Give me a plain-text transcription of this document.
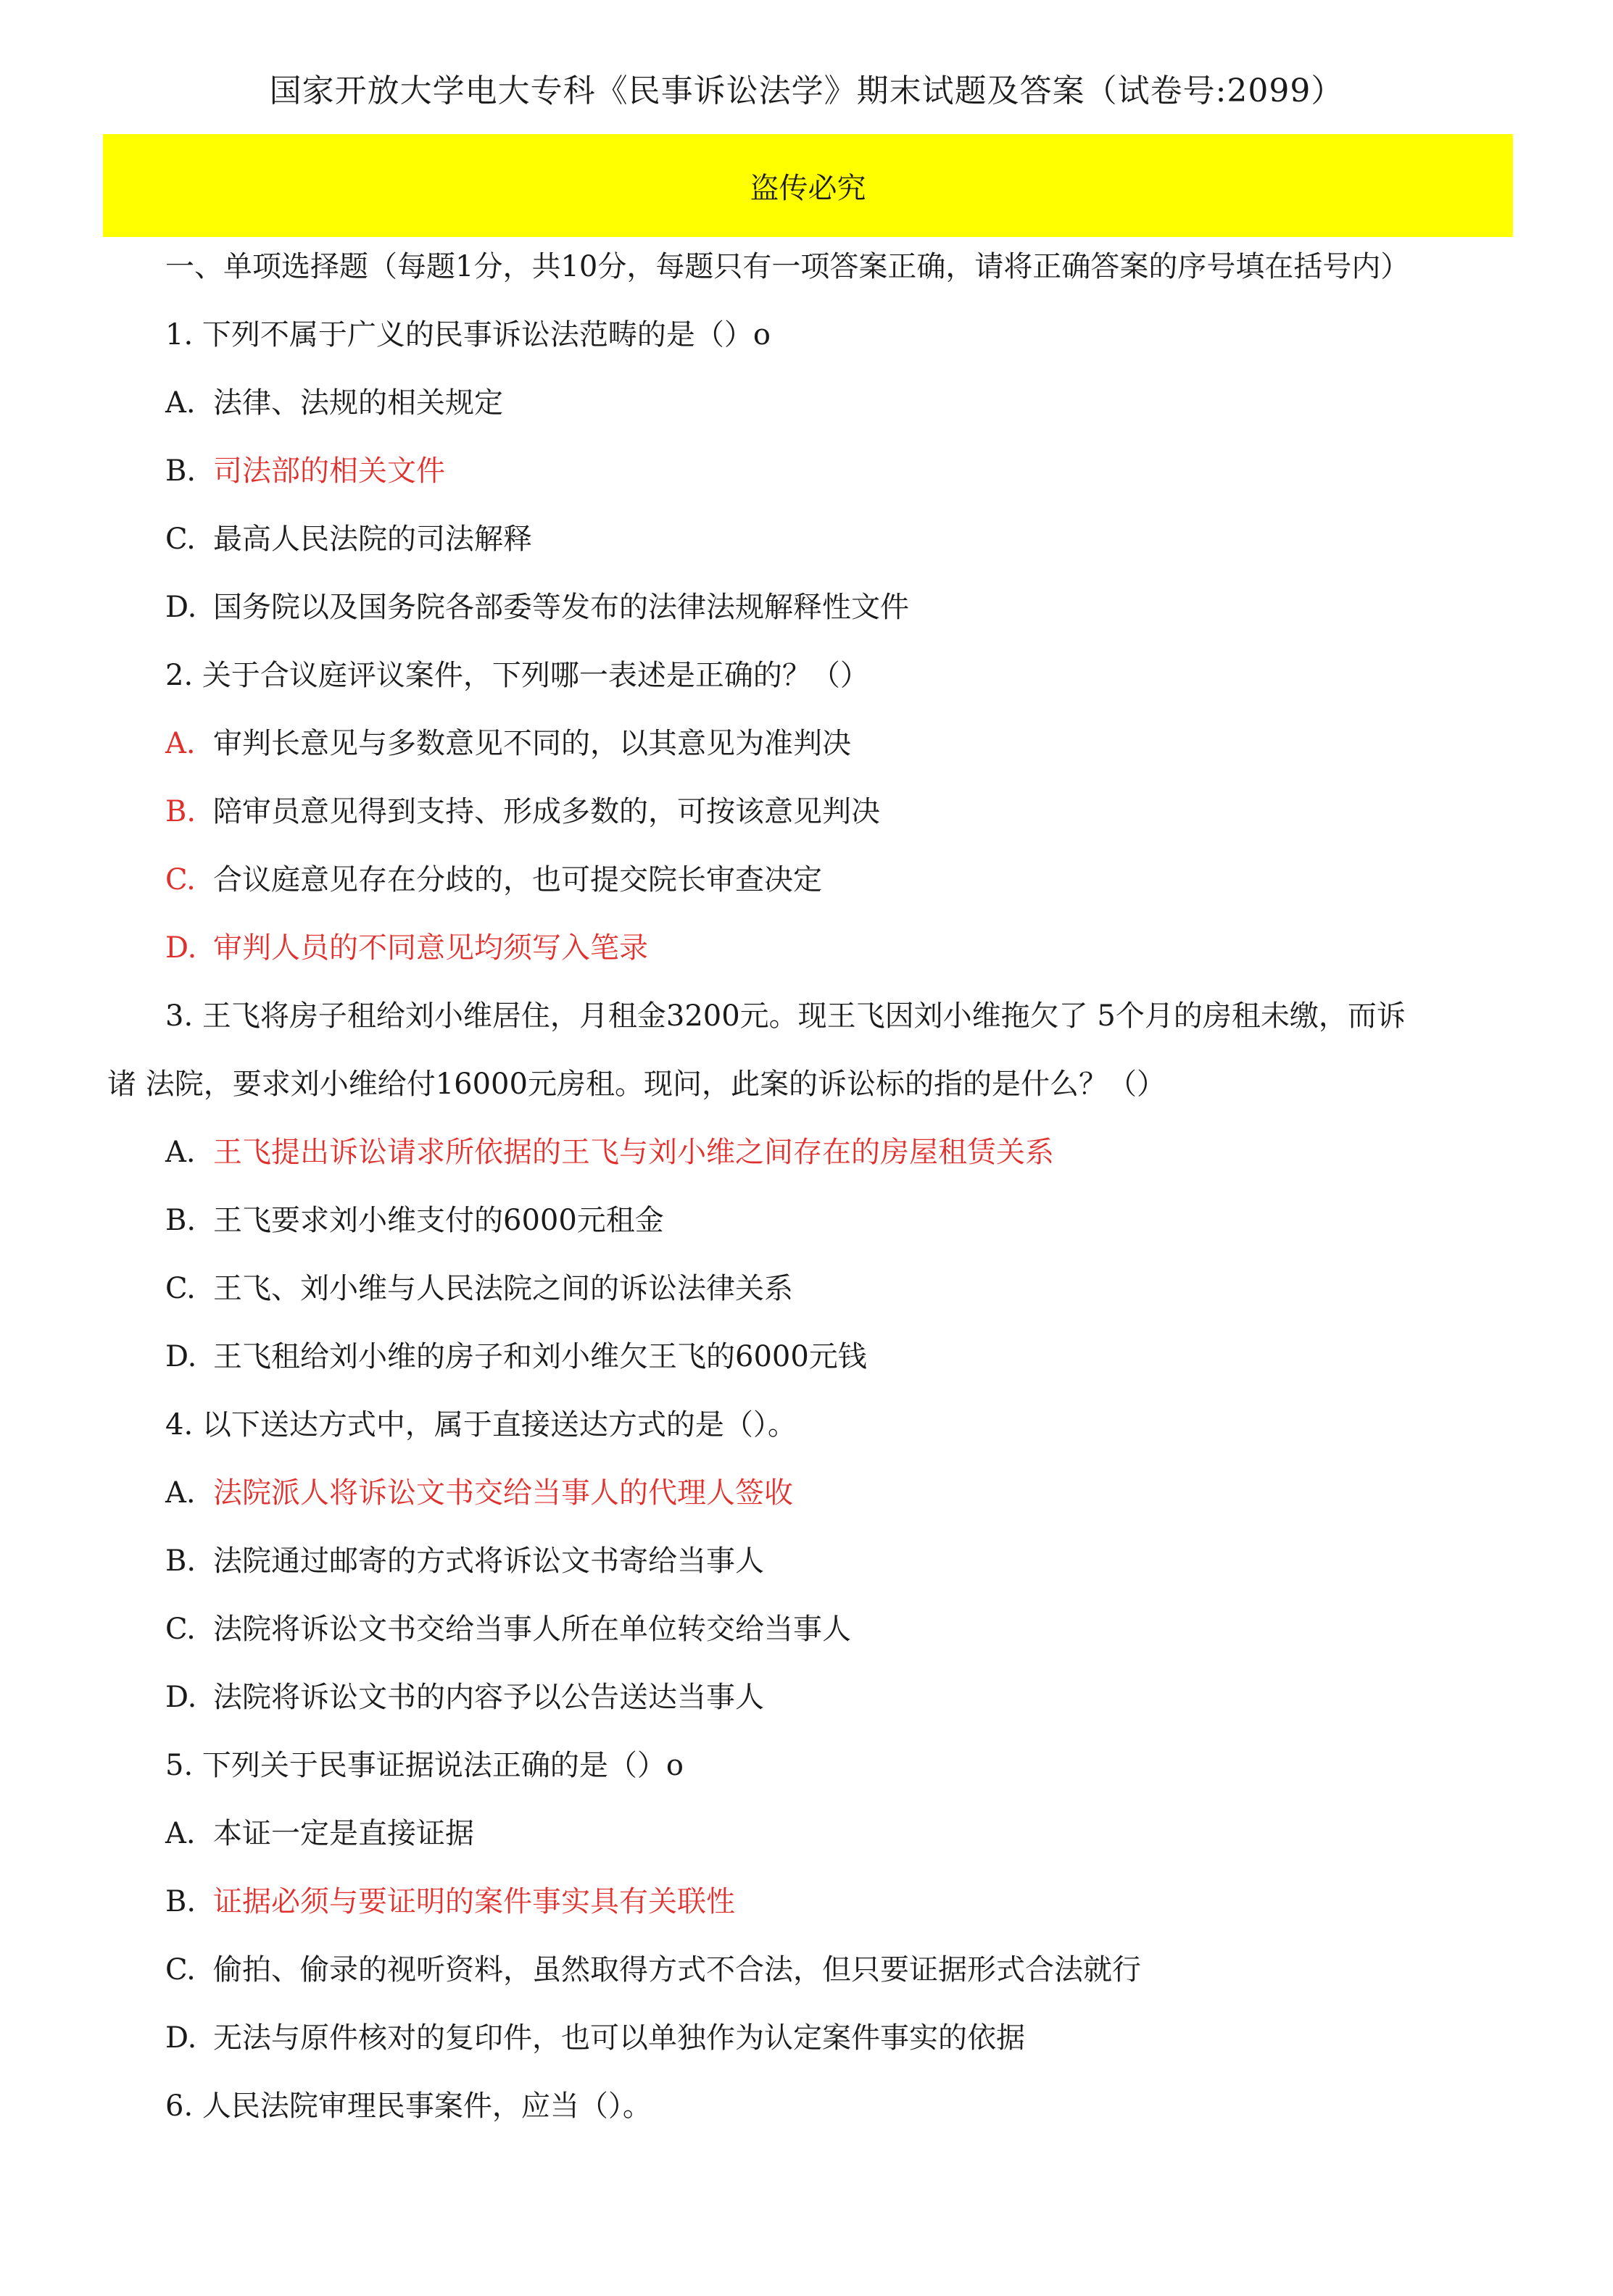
国家开放大学电大专科《民事诉讼法学》期末试题及答案（试卷号:2099）
盗传必究
一、单项选择题（每题1分，共10分，每题只有一项答案正确，请将正确答案的序号填在括号内）
1. 下列不属于广义的民事诉讼法范畴的是（）o
A. 法律、法规的相关规定
B. 司法部的相关文件
C. 最高人民法院的司法解释
D. 国务院以及国务院各部委等发布的法律法规解释性文件
2. 关于合议庭评议案件，下列哪一表述是正确的？（）
A. 审判长意见与多数意见不同的，以其意见为准判决
B. 陪审员意见得到支持、形成多数的，可按该意见判决
C. 合议庭意见存在分歧的，也可提交院长审查决定
D. 审判人员的不同意见均须写入笔录
3. 王飞将房子租给刘小维居住，月租金3200元。现王飞因刘小维拖欠了 5个月的房租未缴，而诉
诸 法院，要求刘小维给付16000元房租。现问，此案的诉讼标的指的是什么？（）
A. 王飞提出诉讼请求所依据的王飞与刘小维之间存在的房屋租赁关系
B. 王飞要求刘小维支付的6000元租金
C. 王飞、刘小维与人民法院之间的诉讼法律关系
D. 王飞租给刘小维的房子和刘小维欠王飞的6000元钱
4. 以下送达方式中，属于直接送达方式的是（）。
A. 法院派人将诉讼文书交给当事人的代理人签收
B. 法院通过邮寄的方式将诉讼文书寄给当事人
C. 法院将诉讼文书交给当事人所在单位转交给当事人
D. 法院将诉讼文书的内容予以公告送达当事人
5. 下列关于民事证据说法正确的是（）o
A. 本证一定是直接证据
B. 证据必须与要证明的案件事实具有关联性
C. 偷拍、偷录的视听资料，虽然取得方式不合法，但只要证据形式合法就行
D. 无法与原件核对的复印件，也可以单独作为认定案件事实的依据
6. 人民法院审理民事案件，应当（）。
